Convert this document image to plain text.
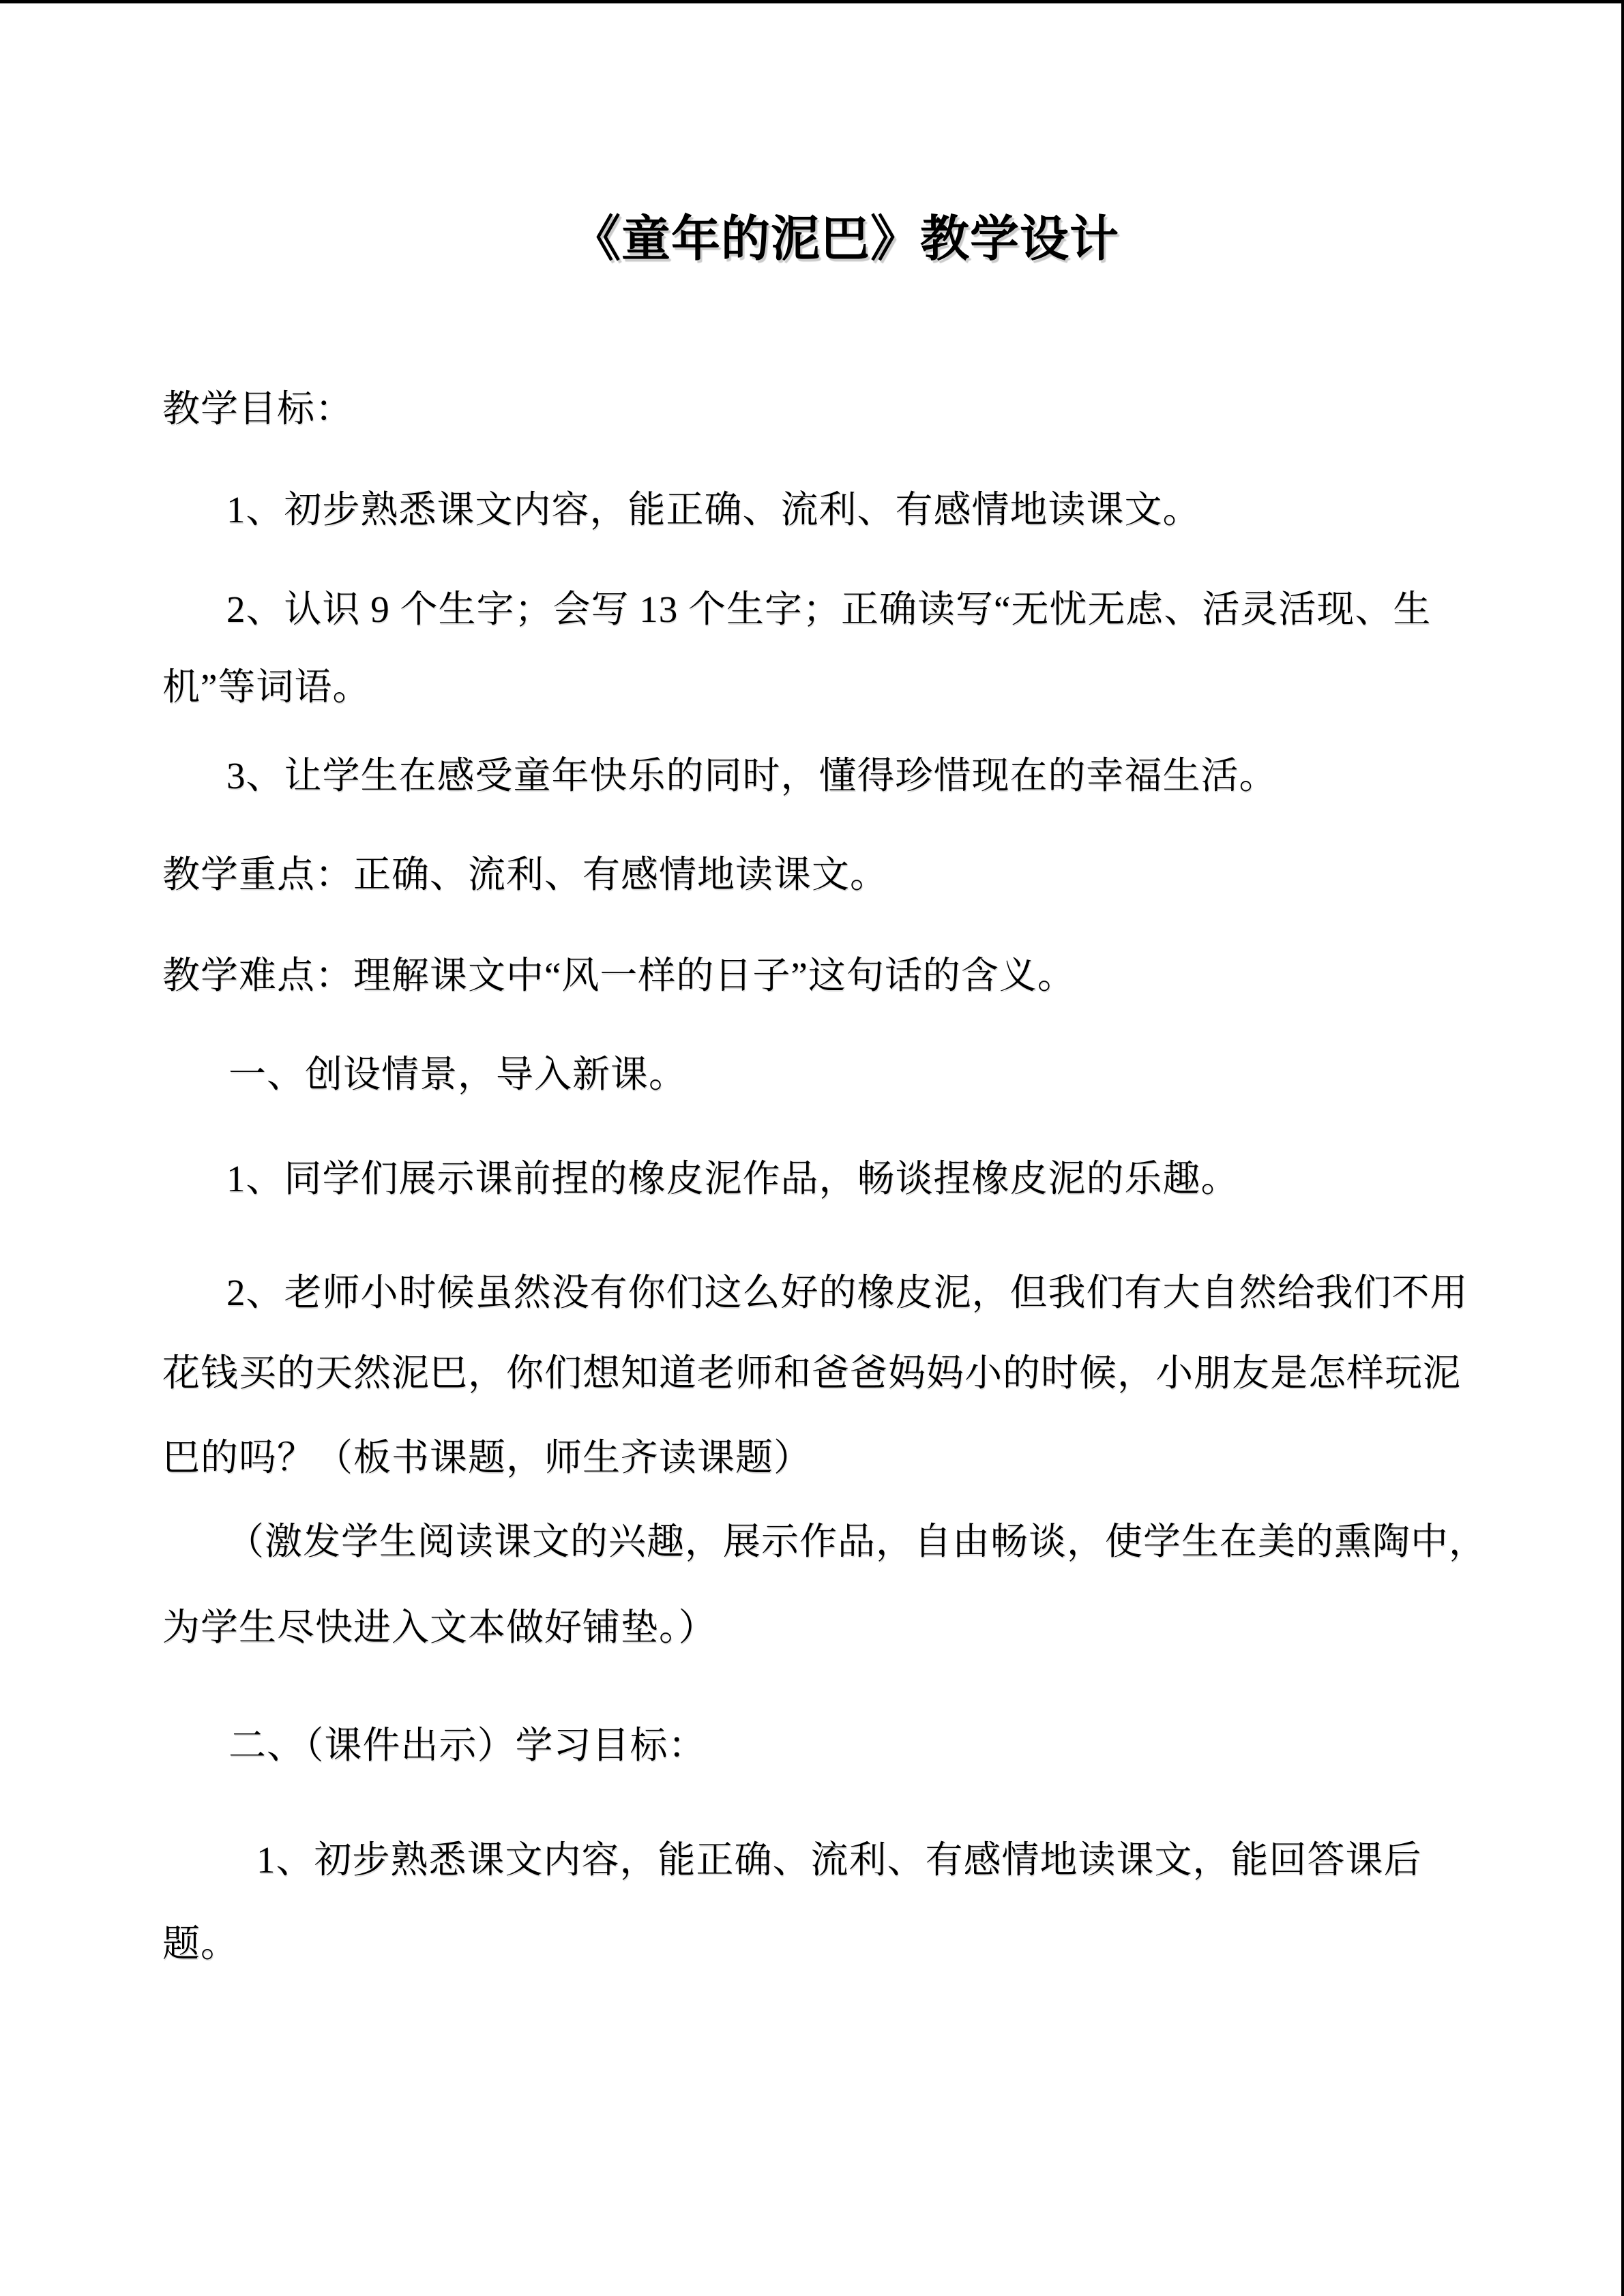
《童年的泥巴》教学设计
教学目标：
1、初步熟悉课文内容，能正确、流利、有感情地读课文。
2、认识 9 个生字；会写 13 个生字；正确读写“无忧无虑、活灵活现、生
机”等词语。
3、让学生在感受童年快乐的同时，懂得珍惜现在的幸福生活。
教学重点：正确、流利、有感情地读课文。
教学难点：理解课文中“风一样的日子”这句话的含义。
一、创设情景，导入新课。
1、同学们展示课前捏的橡皮泥作品，畅谈捏橡皮泥的乐趣。
2、老师小时候虽然没有你们这么好的橡皮泥，但我们有大自然给我们不用
花钱买的天然泥巴，你们想知道老师和爸爸妈妈小的时候，小朋友是怎样玩泥
巴的吗？（板书课题，师生齐读课题）
（激发学生阅读课文的兴趣，展示作品，自由畅谈，使学生在美的熏陶中，
为学生尽快进入文本做好铺垫。）
二、（课件出示）学习目标：
1、初步熟悉课文内容，能正确、流利、有感情地读课文，能回答课后
题。
